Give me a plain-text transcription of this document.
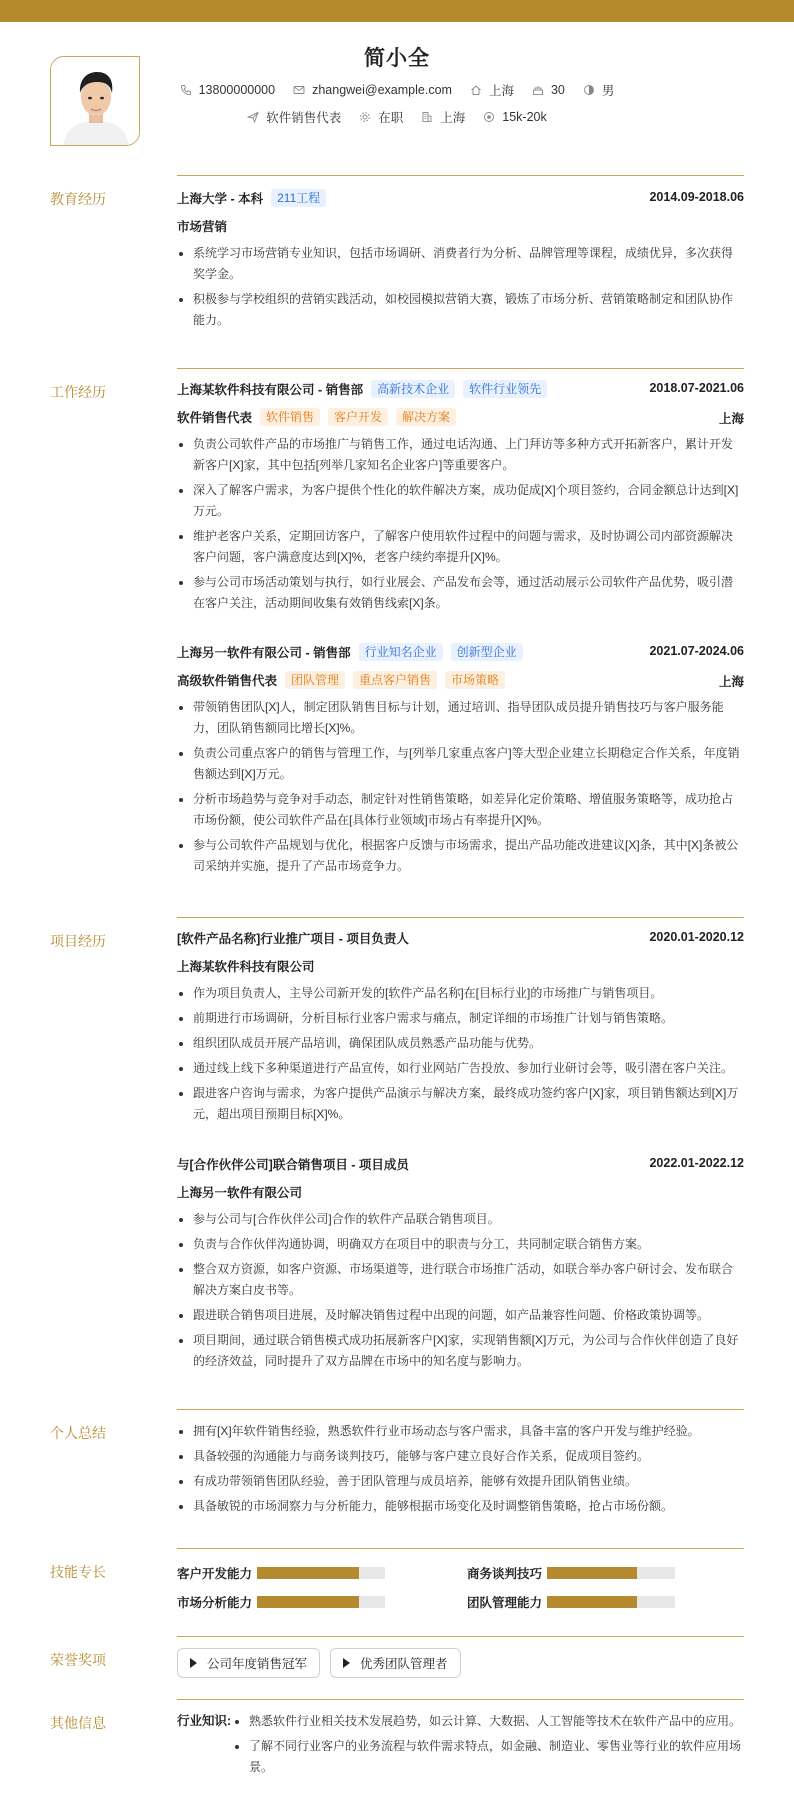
简小全
13800000000	zhangwei@example.com	上海	30	男
软件销售代表	在职	上海	15k-20k
教育经历	上海大学 - 本科	211工程	2014.09-2018.06
市场营销
系统学习市场营销专业知识，包括市场调研、消费者行为分析、品牌管理等课程，成绩优异，多次获得奖学金。
积极参与学校组织的营销实践活动，如校园模拟营销大赛，锻炼了市场分析、营销策略制定和团队协作能力。
工作经历	上海某软件科技有限公司 - 销售部	高新技术企业	软件行业领先	2018.07-2021.06
软件销售代表	软件销售	客户开发	解决方案	上海
负责公司软件产品的市场推广与销售工作，通过电话沟通、上门拜访等多种方式开拓新客户，累计开发新客户[X]家，其中包括[列举几家知名企业客户]等重要客户。
深入了解客户需求，为客户提供个性化的软件解决方案，成功促成[X]个项目签约，合同金额总计达到[X]万元。
维护老客户关系，定期回访客户，了解客户使用软件过程中的问题与需求，及时协调公司内部资源解决客户问题，客户满意度达到[X]%，老客户续约率提升[X]%。
参与公司市场活动策划与执行，如行业展会、产品发布会等，通过活动展示公司软件产品优势，吸引潜在客户关注，活动期间收集有效销售线索[X]条。
上海另一软件有限公司 - 销售部	行业知名企业	创新型企业	2021.07-2024.06
高级软件销售代表	团队管理	重点客户销售	市场策略	上海
带领销售团队[X]人，制定团队销售目标与计划，通过培训、指导团队成员提升销售技巧与客户服务能力，团队销售额同比增长[X]%。
负责公司重点客户的销售与管理工作，与[列举几家重点客户]等大型企业建立长期稳定合作关系，年度销售额达到[X]万元。
分析市场趋势与竞争对手动态，制定针对性销售策略，如差异化定价策略、增值服务策略等，成功抢占市场份额，使公司软件产品在[具体行业领域]市场占有率提升[X]%。
参与公司软件产品规划与优化，根据客户反馈与市场需求，提出产品功能改进建议[X]条，其中[X]条被公司采纳并实施，提升了产品市场竞争力。
项目经历	[软件产品名称]行业推广项目 - 项目负责人	2020.01-2020.12
上海某软件科技有限公司
作为项目负责人，主导公司新开发的[软件产品名称]在[目标行业]的市场推广与销售项目。
前期进行市场调研，分析目标行业客户需求与痛点，制定详细的市场推广计划与销售策略。
组织团队成员开展产品培训，确保团队成员熟悉产品功能与优势。
通过线上线下多种渠道进行产品宣传，如行业网站广告投放、参加行业研讨会等，吸引潜在客户关注。
跟进客户咨询与需求，为客户提供产品演示与解决方案，最终成功签约客户[X]家，项目销售额达到[X]万元，超出项目预期目标[X]%。
与[合作伙伴公司]联合销售项目 - 项目成员	2022.01-2022.12
上海另一软件有限公司
参与公司与[合作伙伴公司]合作的软件产品联合销售项目。
负责与合作伙伴沟通协调，明确双方在项目中的职责与分工，共同制定联合销售方案。
整合双方资源，如客户资源、市场渠道等，进行联合市场推广活动，如联合举办客户研讨会、发布联合解决方案白皮书等。
跟进联合销售项目进展，及时解决销售过程中出现的问题，如产品兼容性问题、价格政策协调等。
项目期间，通过联合销售模式成功拓展新客户[X]家，实现销售额[X]万元，为公司与合作伙伴创造了良好的经济效益，同时提升了双方品牌在市场中的知名度与影响力。
个人总结	拥有[X]年软件销售经验，熟悉软件行业市场动态与客户需求，具备丰富的客户开发与维护经验。
具备较强的沟通能力与商务谈判技巧，能够与客户建立良好合作关系，促成项目签约。
有成功带领销售团队经验，善于团队管理与成员培养，能够有效提升团队销售业绩。
具备敏锐的市场洞察力与分析能力，能够根据市场变化及时调整销售策略，抢占市场份额。
技能专长	客户开发能力	商务谈判技巧
市场分析能力	团队管理能力
荣誉奖项	公司年度销售冠军	优秀团队管理者
其他信息	行业知识:	熟悉软件行业相关技术发展趋势，如云计算、大数据、人工智能等技术在软件产品中的应用。
了解不同行业客户的业务流程与软件需求特点，如金融、制造业、零售业等行业的软件应用场景。
